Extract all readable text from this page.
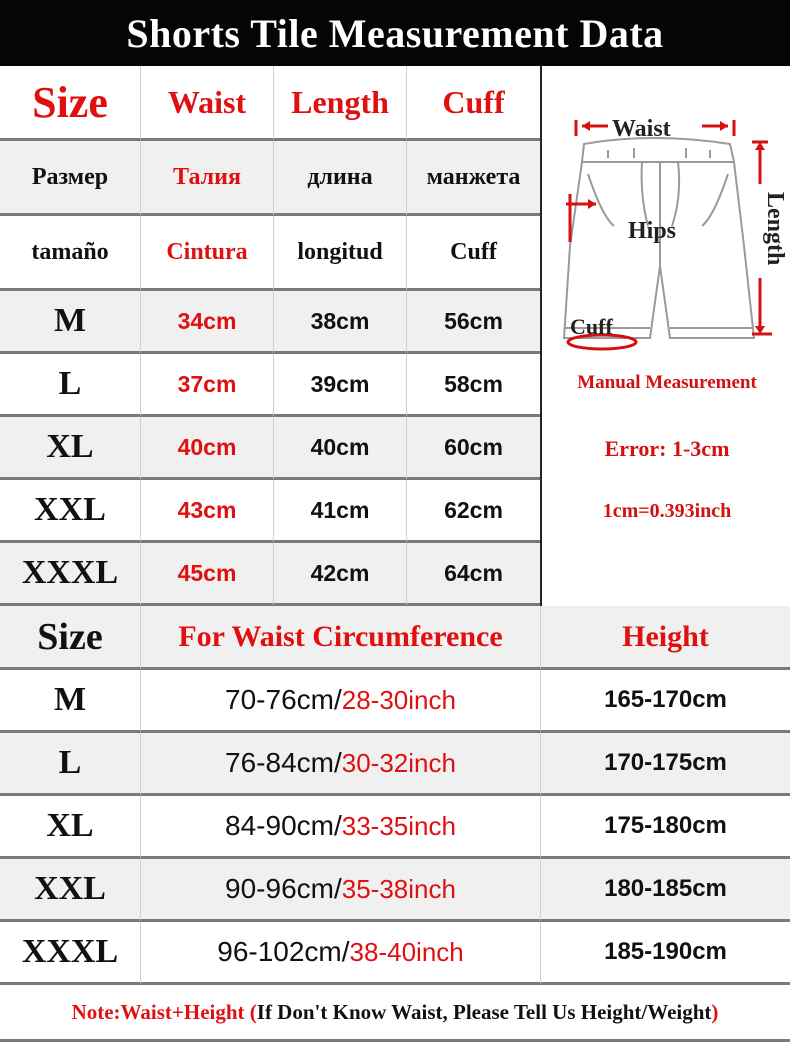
Shorts Tile Measurement Data
Size Waist Length Cuff
Размер	Талия	длина манжета
tamaño Cintura longitud	Cuff
M	34cm	38cm	56cm
L	37cm	39cm	58cm
XL	40cm	40cm	60cm
XXL	43cm	41cm	62cm
XXXL	45cm	42cm	64cm
Waist
Hips
Cuff
Length
Manual Measurement
Error: 1-3cm
1cm=0.393inch
Size	For Waist Circumference	Height
M	70-76cm/ 28-30inch	165-170cm
L	76-84cm/ 30-32inch	170-175cm
XL	84-90cm/ 33-35inch	175-180cm
XXL	90-96cm/ 35-38inch	180-185cm
XXXL	96-102cm/ 38-40inch	185-190cm
Note: Waist+Height ( If Don't Know Waist, Please Tell Us Height/Weight )
